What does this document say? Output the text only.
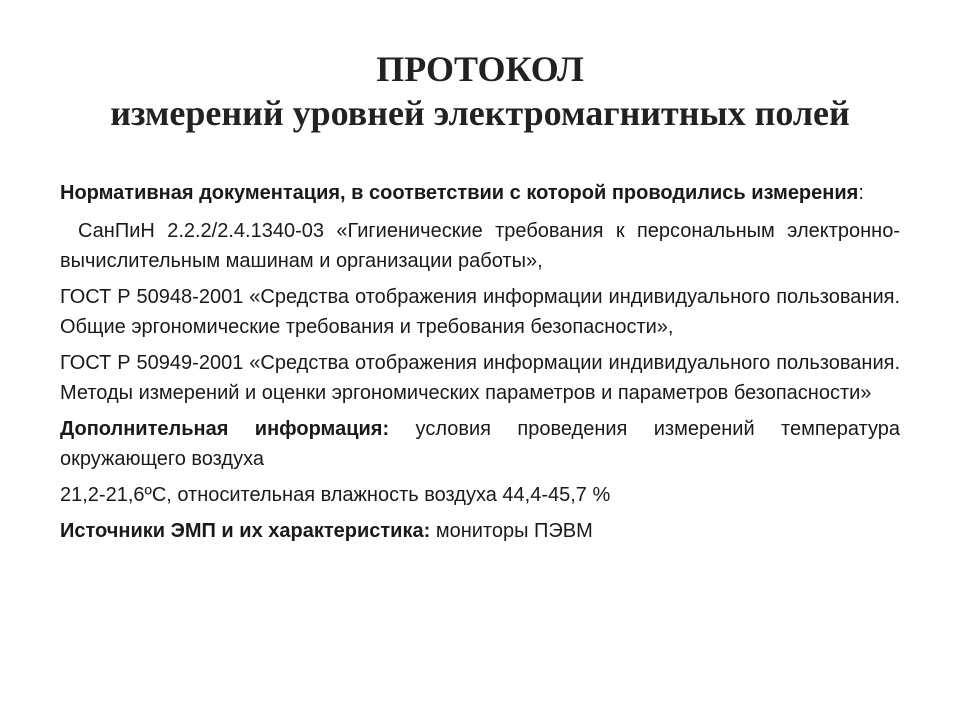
ПРОТОКОЛ
измерений уровней электромагнитных полей

Нормативная документация, в соответствии с которой проводились измерения:

СанПиН 2.2.2/2.4.1340-03 «Гигиенические требования к персональным электронно-вычислительным машинам и организации работы»,

ГОСТ Р 50948-2001 «Средства отображения информации индивидуального пользования. Общие эргономические требования и требования безопасности»,

ГОСТ Р 50949-2001 «Средства отображения информации индивидуального пользования. Методы измерений и оценки эргономических параметров и параметров безопасности»

Дополнительная информация: условия проведения измерений температура окружающего воздуха

21,2-21,6ºС, относительная влажность воздуха 44,4-45,7 %

Источники ЭМП и их характеристика: мониторы ПЭВМ
